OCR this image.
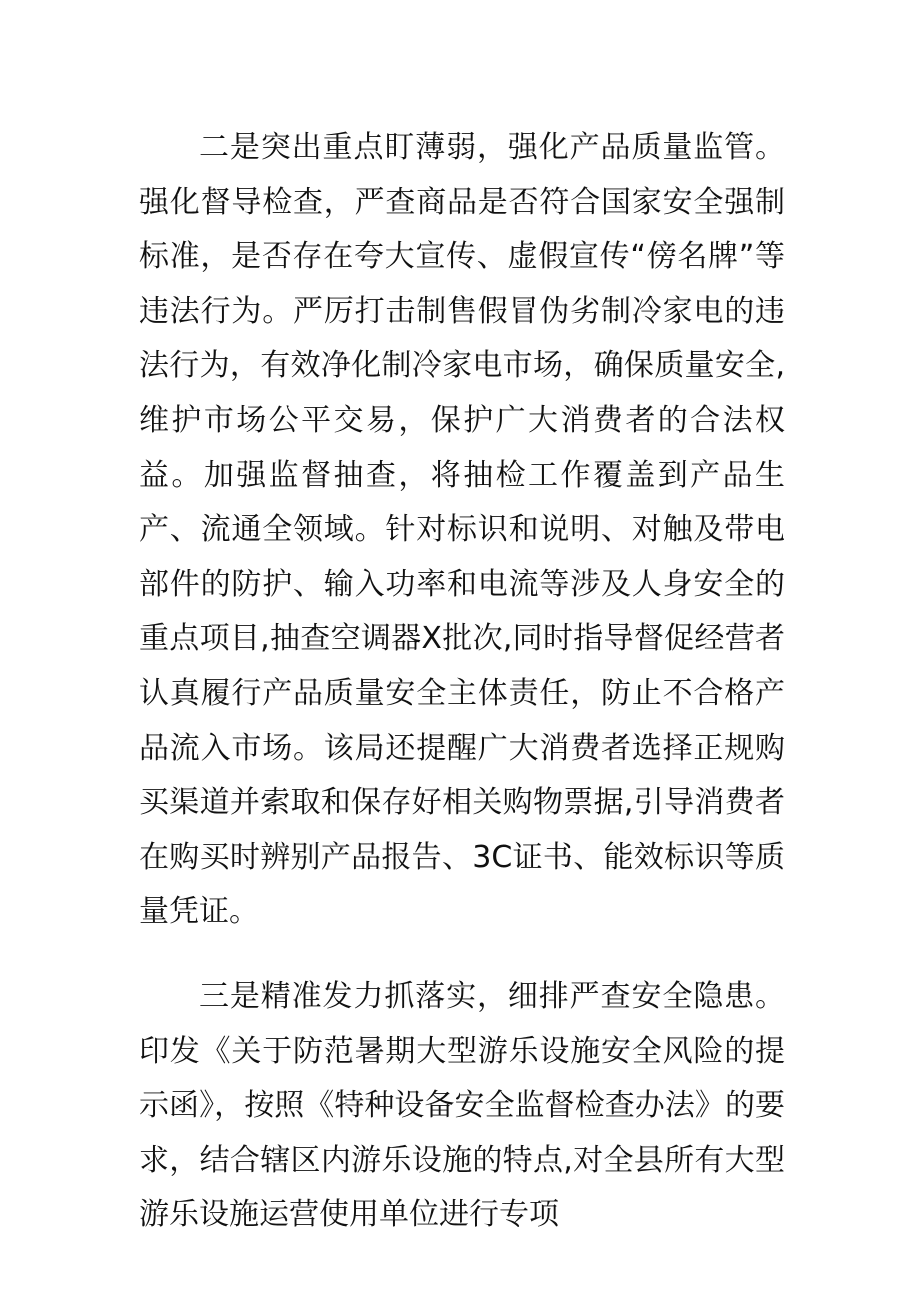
二是突出重点盯薄弱，强化产品质量监管。强化督导检查，严查商品是否符合国家安全强制标准，是否存在夸大宣传、虚假宣传“傍名牌”等违法行为。严厉打击制售假冒伪劣制冷家电的违法行为，有效净化制冷家电市场，确保质量安全,维护市场公平交易，保护广大消费者的合法权益。加强监督抽查，将抽检工作覆盖到产品生产、流通全领域。针对标识和说明、对触及带电部件的防护、输入功率和电流等涉及人身安全的重点项目,抽查空调器X批次,同时指导督促经营者认真履行产品质量安全主体责任，防止不合格产品流入市场。该局还提醒广大消费者选择正规购买渠道并索取和保存好相关购物票据,引导消费者在购买时辨别产品报告、3C证书、能效标识等质量凭证。

三是精准发力抓落实，细排严查安全隐患。印发《关于防范暑期大型游乐设施安全风险的提示函》，按照《特种设备安全监督检查办法》的要求，结合辖区内游乐设施的特点,对全县所有大型游乐设施运营使用单位进行专项
